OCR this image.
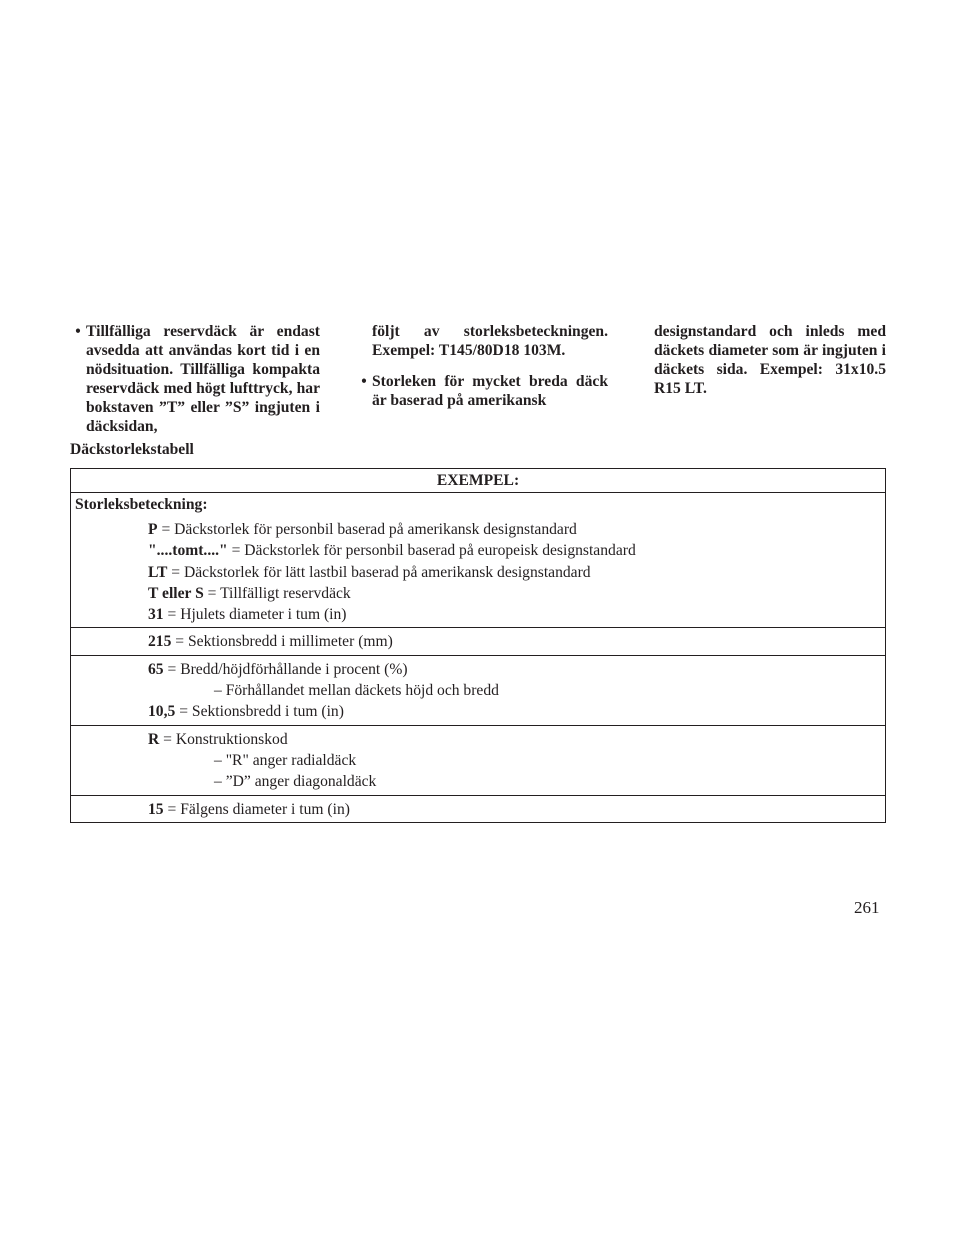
• Tillfälliga reservdäck är endast avsedda att användas kort tid i en nödsituation. Tillfälliga kompakta reservdäck med högt lufttryck, har bokstaven ”T” eller ”S” ingjuten i däcksidan,
följt av storleksbeteckningen. Exempel: T145/80D18 103M.
• Storleken för mycket breda däck är baserad på amerikansk
designstandard och inleds med däckets diameter som är ingjuten i däckets sida. Exempel: 31x10.5 R15 LT.
Däckstorlekstabell
EXEMPEL:
Storleksbeteckning:
P = Däckstorlek för personbil baserad på amerikansk designstandard
"....tomt...." = Däckstorlek för personbil baserad på europeisk designstandard
LT = Däckstorlek för lätt lastbil baserad på amerikansk designstandard
T eller S = Tillfälligt reservdäck
31 = Hjulets diameter i tum (in)
215 = Sektionsbredd i millimeter (mm)
65 = Bredd/höjdförhållande i procent (%)
– Förhållandet mellan däckets höjd och bredd
10,5 = Sektionsbredd i tum (in)
R = Konstruktionskod
– "R" anger radialdäck
– ”D” anger diagonaldäck
15 = Fälgens diameter i tum (in)
261
